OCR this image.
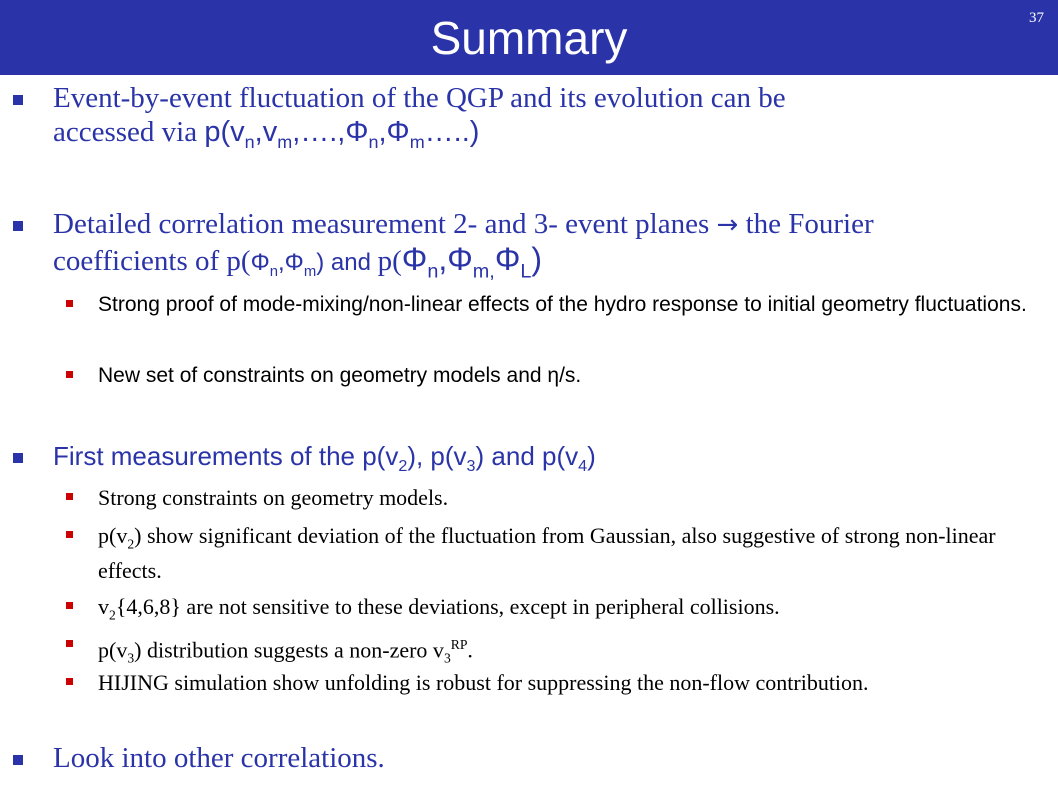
Summary	37
Event-by-event fluctuation of the QGP and its evolution can be
accessed via $p(v_n,v_m,\dots.,\Phi_n,\Phi_m\dots..)$
Detailed correlation measurement 2- and 3- event planes → the Fourier
coefficients of $p(\Phi_n,\Phi_m)$ and $p(\Phi_n,\Phi_{m,}\Phi_L)$
Strong proof of mode-mixing/non-linear effects of the hydro response to initial geometry fluctuations.
New set of constraints on geometry models and η/s.
First measurements of the $p(v_2)$, $p(v_3)$ and $p(v_4)$
Strong constraints on geometry models.
$p(v_2)$ show significant deviation of the fluctuation from Gaussian, also suggestive of strong non-linear effects.
$v_2\{4,6,8\}$ are not sensitive to these deviations, except in peripheral collisions.
$p(v_3)$ distribution suggests a non-zero $v_3^{RP}$.
HIJING simulation show unfolding is robust for suppressing the non-flow contribution.
Look into other correlations.
